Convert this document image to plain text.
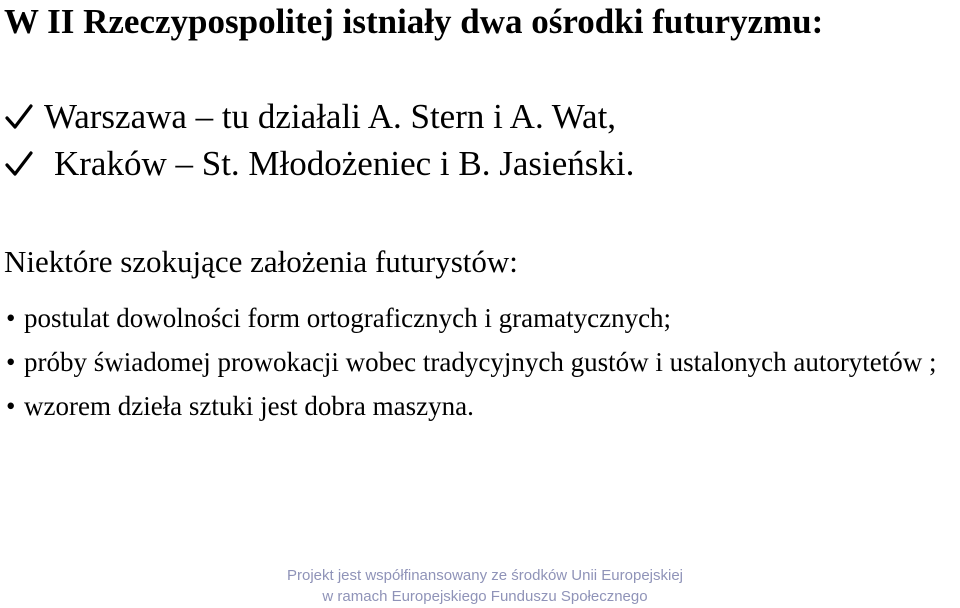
W II Rzeczypospolitej istniały dwa ośrodki futuryzmu:
Warszawa – tu działali A. Stern i A. Wat,
Kraków – St. Młodożeniec i B. Jasieński.
Niektóre szokujące założenia futurystów:
• postulat dowolności form ortograficznych i gramatycznych;
• próby świadomej prowokacji wobec tradycyjnych gustów i ustalonych autorytetów ;
• wzorem dzieła sztuki jest dobra maszyna.
Projekt jest współfinansowany ze środków Unii Europejskiej
w ramach Europejskiego Funduszu Społecznego
